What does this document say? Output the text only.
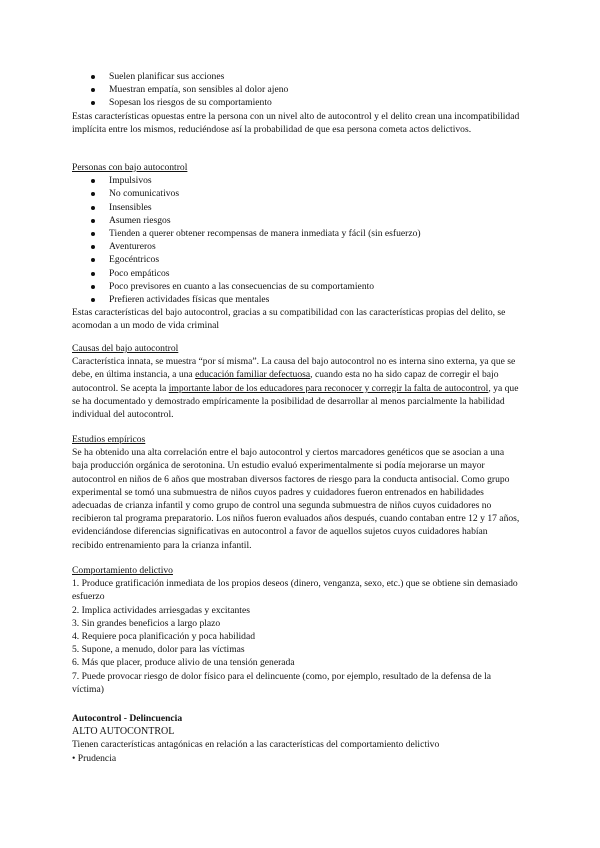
Suelen planificar sus acciones
Muestran empatía, son sensibles al dolor ajeno
Sopesan los riesgos de su comportamiento

Estas características opuestas entre la persona con un nivel alto de autocontrol y el delito crean una incompatibilidad implícita entre los mismos, reduciéndose así la probabilidad de que esa persona cometa actos delictivos.

Personas con bajo autocontrol

Impulsivos
No comunicativos
Insensibles
Asumen riesgos
Tienden a querer obtener recompensas de manera inmediata y fácil (sin esfuerzo)
Aventureros
Egocéntricos
Poco empáticos
Poco previsores en cuanto a las consecuencias de su comportamiento
Prefieren actividades físicas que mentales

Estas características del bajo autocontrol, gracias a su compatibilidad con las características propias del delito, se acomodan a un modo de vida criminal

Causas del bajo autocontrol

Característica innata, se muestra “por sí misma”. La causa del bajo autocontrol no es interna sino externa, ya que se debe, en última instancia, a una educación familiar defectuosa, cuando esta no ha sido capaz de corregir el bajo autocontrol. Se acepta la importante labor de los educadores para reconocer y corregir la falta de autocontrol, ya que se ha documentado y demostrado empíricamente la posibilidad de desarrollar al menos parcialmente la habilidad individual del autocontrol.

Estudios empíricos

Se ha obtenido una alta correlación entre el bajo autocontrol y ciertos marcadores genéticos que se asocian a una baja producción orgánica de serotonina. Un estudio evaluó experimentalmente si podía mejorarse un mayor autocontrol en niños de 6 años que mostraban diversos factores de riesgo para la conducta antisocial. Como grupo experimental se tomó una submuestra de niños cuyos padres y cuidadores fueron entrenados en habilidades adecuadas de crianza infantil y como grupo de control una segunda submuestra de niños cuyos cuidadores no recibieron tal programa preparatorio. Los niños fueron evaluados años después, cuando contaban entre 12 y 17 años, evidenciándose diferencias significativas en autocontrol a favor de aquellos sujetos cuyos cuidadores habían recibido entrenamiento para la crianza infantil.

Comportamiento delictivo

1. Produce gratificación inmediata de los propios deseos (dinero, venganza, sexo, etc.) que se obtiene sin demasiado esfuerzo
2. Implica actividades arriesgadas y excitantes
3. Sin grandes beneficios a largo plazo
4. Requiere poca planificación y poca habilidad
5. Supone, a menudo, dolor para las víctimas
6. Más que placer, produce alivio de una tensión generada
7. Puede provocar riesgo de dolor físico para el delincuente (como, por ejemplo, resultado de la defensa de la víctima)

Autocontrol - Delincuencia

ALTO AUTOCONTROL

Tienen características antagónicas en relación a las características del comportamiento delictivo

• Prudencia
